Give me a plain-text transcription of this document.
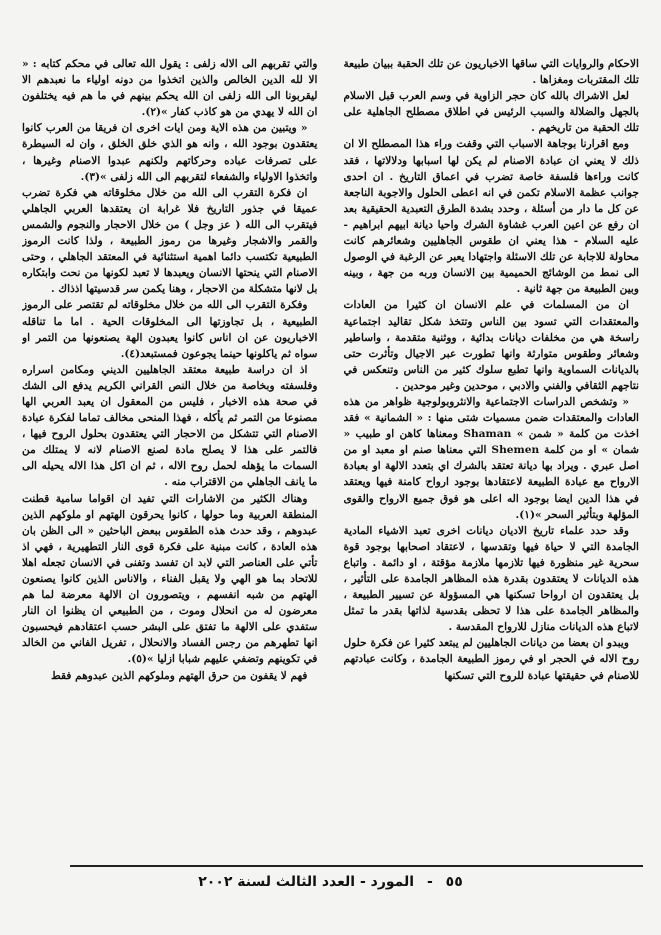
الاحكام والروايات التي ساقها الاخباريون عن تلك الحقبة ببيان طبيعة تلك المقتربات ومغزاها .

لعل الاشراك بالله كان حجر الزاوية في وسم العرب قبل الاسلام بالجهل والضلالة والسبب الرئيس في اطلاق مصطلح الجاهلية على تلك الحقبة من تاريخهم .

ومع اقرارنا بوجاهة الاسباب التي وقفت وراء هذا المصطلح الا ان ذلك لا يعني ان عبادة الاصنام لم يكن لها اسبابها ودلالاتها ، فقد كانت وراءها فلسفة خاصة تضرب في اعماق التاريخ . ان احدى جوانب عظمة الاسلام تكمن في انه اعطى الحلول والاجوبة الناجعة عن كل ما دار من أسئلة ، وحدد بشدة الطرق التعبدية الحقيقية بعد ان رفع عن اعين العرب غشاوة الشرك واحيا ديانة ابيهم ابراهيم - عليه السلام - هذا يعني ان طقوس الجاهليين وشعائرهم كانت محاولة للاجابة عن تلك الاسئلة واجتهادا يعبر عن الرغبة في الوصول الى نمط من الوشائج الحميمية بين الانسان وربه من جهة ، وبينه وبين الطبيعة من جهة ثانية .

ان من المسلمات في علم الانسان ان كثيرا من العادات والمعتقدات التي تسود بين الناس وتتخذ شكل تقاليد اجتماعية راسخة هي من مخلفات ديانات بدائية ، ووثنية متقدمة ، واساطير وشعائر وطقوس متوارثة وانها تطورت عبر الاجيال وتأثرت حتى بالديانات السماوية وانها تطبع سلوك كثير من الناس وتنعكس في نتاجهم الثقافي والفني والادبي ، موحدين وغير موحدين .

« وتشخص الدراسات الاجتماعية والانثروبولوجية ظواهر من هذه العادات والمعتقدات ضمن مسميات شتى منها : « الشمانية » فقد اخذت من كلمة « شمن » Shaman ومعناها كاهن او طبيب « شمان » او من كلمة Shemen التي معناها صنم او معبد او من اصل عبري . ويراد بها ديانة تعتقد بالشرك اي بتعدد الالهة او بعبادة الارواح مع عبادة الطبيعة لاعتقادها بوجود ارواح كامنة فيها ويعتقد في هذا الدين ايضا بوجود اله اعلى هو فوق جميع الارواح والقوى المؤلهة وبتأثير السحر »(١).

وقد حدد علماء تاريخ الاديان ديانات اخرى تعبد الاشياء المادية الجامدة التي لا حياة فيها وتقدسها ، لاعتقاد اصحابها بوجود قوة سحرية غير منظورة فيها تلازمها ملازمة مؤقتة ، او دائمة . واتباع هذه الديانات لا يعتقدون بقدرة هذه المظاهر الجامدة على التأثير ، بل يعتقدون ان ارواحا تسكنها هي المسؤولة عن تسيير الطبيعة ، والمظاهر الجامدة على هذا لا تحظى بقدسية لذاتها بقدر ما تمثل لاتباع هذه الديانات منازل للارواح المقدسة .

ويبدو ان بعضا من ديانات الجاهليين لم يبتعد كثيرا عن فكرة حلول روح الاله في الحجر او في رموز الطبيعة الجامدة ، وكانت عبادتهم للاصنام في حقيقتها عبادة للروح التي تسكنها

والتي تقربهم الى الاله زلفى : يقول الله تعالى في محكم كتابه : « الا لله الدين الخالص والذين اتخذوا من دونه اولياء ما نعبدهم الا ليقربونا الى الله زلفى ان الله يحكم بينهم في ما هم فيه يختلفون ان الله لا يهدي من هو كاذب كفار »(٢).

« ويتبين من هذه الاية ومن ايات اخرى ان فريقا من العرب كانوا يعتقدون بوجود الله ، وانه هو الذي خلق الخلق ، وان له السيطرة على تصرفات عباده وحركاتهم ولكنهم عبدوا الاصنام وغيرها ، واتخذوا الاولياء والشفعاء لتقربهم الى الله زلفى »(٣).

ان فكرة التقرب الى الله من خلال مخلوقاته هي فكرة تضرب عميقا في جذور التاريخ فلا غرابة ان يعتقدها العربي الجاهلي فيتقرب الى الله ( عز وجل ) من خلال الاحجار والنجوم والشمس والقمر والاشجار وغيرها من رموز الطبيعة ، ولذا كانت الرموز الطبيعية تكتسب دائما اهمية استثنائية في المعتقد الجاهلي ، وحتى الاصنام التي ينحتها الانسان ويعبدها لا تعبد لكونها من نحت وابتكاره بل لانها متشكلة من الاحجار ، وهنا يكمن سر قدسيتها اذذاك .

وفكرة التقرب الى الله من خلال مخلوقاته لم تقتصر على الرموز الطبيعية ، بل تجاوزتها الى المخلوقات الحية . اما ما تناقله الاخباريون عن ان اناس كانوا يعبدون الهة يصنعونها من التمر او سواه ثم ياكلونها حينما يجوعون فمستبعد(٤).

اذ ان دراسة طبيعة معتقد الجاهليين الديني ومكامن اسراره وفلسفته وبخاصة من خلال النص القراني الكريم يدفع الى الشك في صحة هذه الاخبار ، فليس من المعقول ان يعبد العربي الها مصنوعا من التمر ثم يأكله ، فهذا المنحى مخالف تماما لفكرة عبادة الاصنام التي تتشكل من الاحجار التي يعتقدون بحلول الروح فيها ، فالتمر على هذا لا يصلح مادة لصنع الاصنام لانه لا يمتلك من السمات ما يؤهله لحمل روح الاله ، ثم ان اكل هذا الاله يحيله الى ما يانف الجاهلي من الاقتراب منه .

وهناك الكثير من الاشارات التي تفيد ان اقواما سامية قطنت المنطقة العربية وما حولها ، كانوا يحرقون الهتهم او ملوكهم الذين عبدوهم ، وقد حدث هذه الطقوس ببعض الباحثين « الى الظن بان هذه العادة ، كانت مبنية على فكرة قوى النار التطهيرية ، فهي اذ تأتي على العناصر التي لابد ان تفسد وتفنى في الانسان تجعله اهلا للاتحاد بما هو الهي ولا يقبل الفناء ، والاناس الذين كانوا يصنعون الهتهم من شبه انفسهم ، ويتصورون ان الالهة معرضة لما هم معرضون له من انحلال وموت ، من الطبيعي ان يظنوا ان النار ستفدي على الالهة ما تفتق على البشر حسب اعتقادهم فيحسبون انها تطهرهم من رجس الفساد والانحلال ، تفريل الفاني من الخالد في تكوينهم وتضفي عليهم شبابا ازليا »(٥).

فهم لا يقفون من حرق الهتهم وملوكهم الذين عبدوهم فقط

٥٥ - المورد - العدد الثالث لسنة ٢٠٠٢
